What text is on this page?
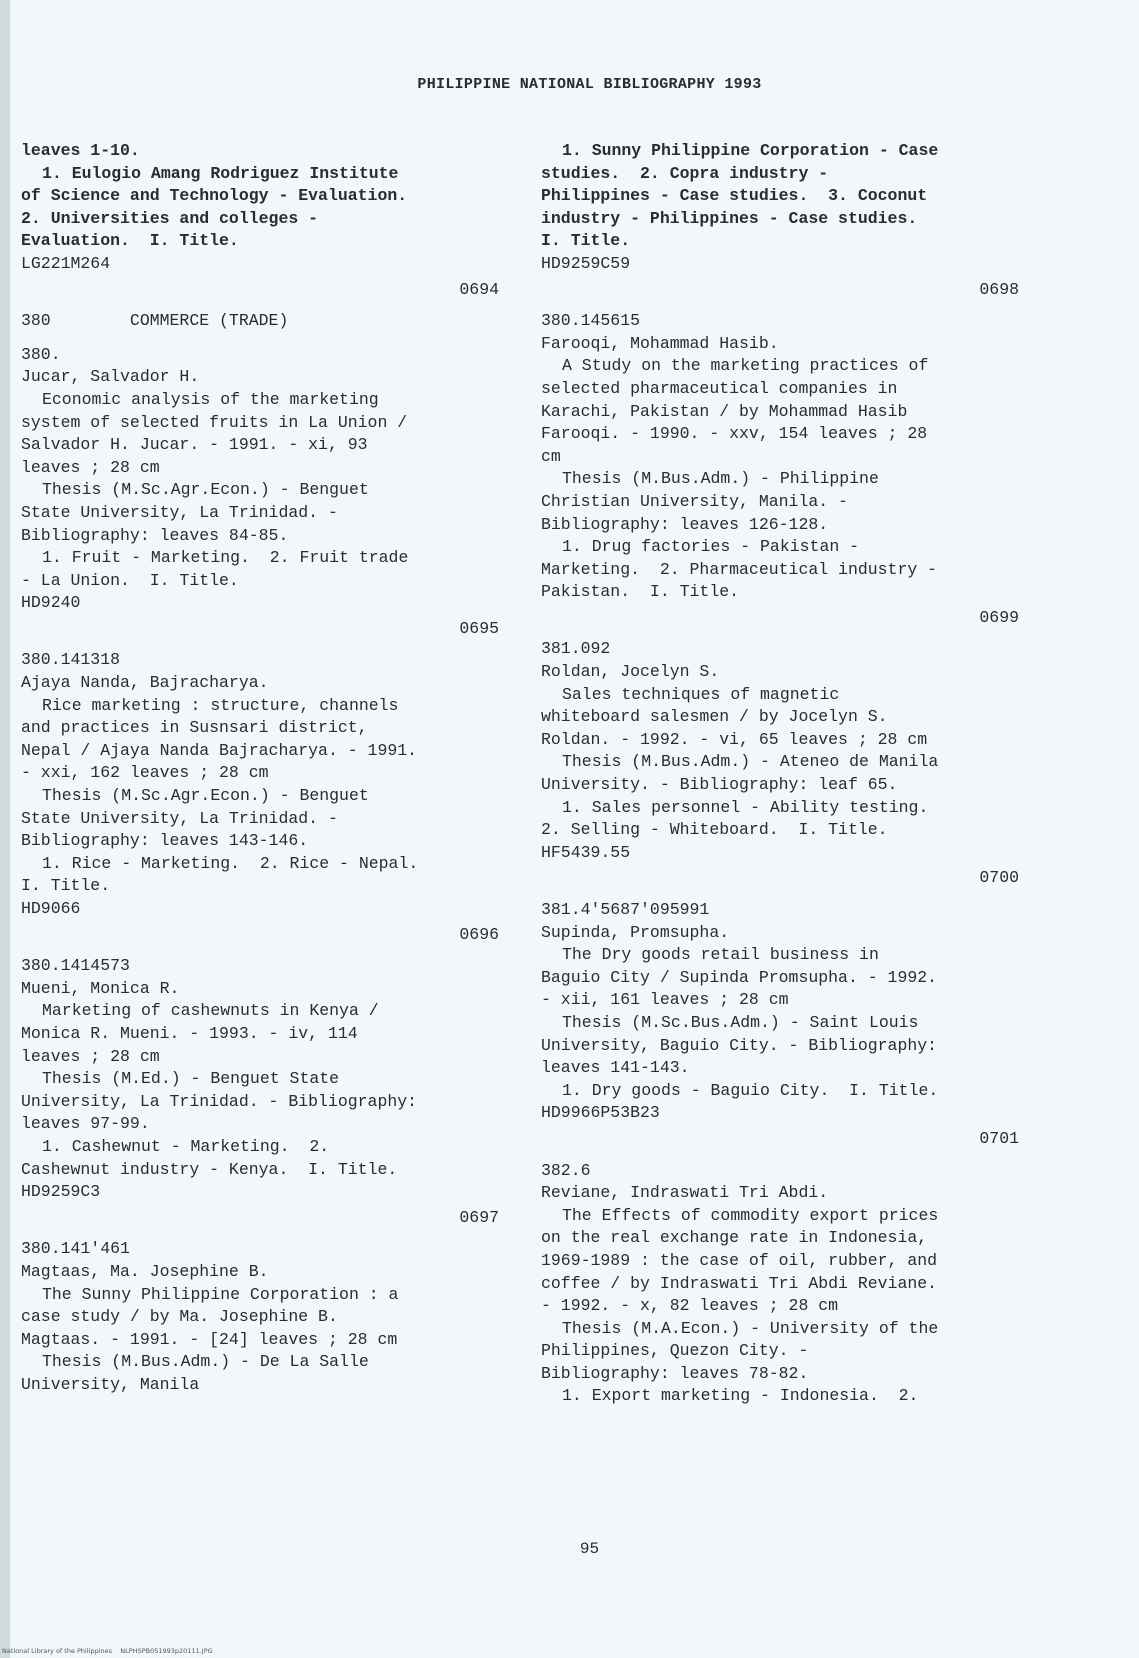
PHILIPPINE NATIONAL BIBLIOGRAPHY 1993
leaves 1-10.
1. Eulogio Amang Rodriguez Institute
of Science and Technology - Evaluation.
2. Universities and colleges -
Evaluation.  I. Title.
LG221M264
0694
380        COMMERCE (TRADE)
380.
Jucar, Salvador H.
Economic analysis of the marketing
system of selected fruits in La Union /
Salvador H. Jucar. - 1991. - xi, 93
leaves ; 28 cm
Thesis (M.Sc.Agr.Econ.) - Benguet
State University, La Trinidad. -
Bibliography: leaves 84-85.
1. Fruit - Marketing.  2. Fruit trade
- La Union.  I. Title.
HD9240
0695
380.141318
Ajaya Nanda, Bajracharya.
Rice marketing : structure, channels
and practices in Susnsari district,
Nepal / Ajaya Nanda Bajracharya. - 1991.
- xxi, 162 leaves ; 28 cm
Thesis (M.Sc.Agr.Econ.) - Benguet
State University, La Trinidad. -
Bibliography: leaves 143-146.
1. Rice - Marketing.  2. Rice - Nepal.
I. Title.
HD9066
0696
380.1414573
Mueni, Monica R.
Marketing of cashewnuts in Kenya /
Monica R. Mueni. - 1993. - iv, 114
leaves ; 28 cm
Thesis (M.Ed.) - Benguet State
University, La Trinidad. - Bibliography:
leaves 97-99.
1. Cashewnut - Marketing.  2.
Cashewnut industry - Kenya.  I. Title.
HD9259C3
0697
380.141'461
Magtaas, Ma. Josephine B.
The Sunny Philippine Corporation : a
case study / by Ma. Josephine B.
Magtaas. - 1991. - [24] leaves ; 28 cm
Thesis (M.Bus.Adm.) - De La Salle
University, Manila
1. Sunny Philippine Corporation - Case
studies.  2. Copra industry -
Philippines - Case studies.  3. Coconut
industry - Philippines - Case studies.
I. Title.
HD9259C59
0698
380.145615
Farooqi, Mohammad Hasib.
A Study on the marketing practices of
selected pharmaceutical companies in
Karachi, Pakistan / by Mohammad Hasib
Farooqi. - 1990. - xxv, 154 leaves ; 28
cm
Thesis (M.Bus.Adm.) - Philippine
Christian University, Manila. -
Bibliography: leaves 126-128.
1. Drug factories - Pakistan -
Marketing.  2. Pharmaceutical industry -
Pakistan.  I. Title.
0699
381.092
Roldan, Jocelyn S.
Sales techniques of magnetic
whiteboard salesmen / by Jocelyn S.
Roldan. - 1992. - vi, 65 leaves ; 28 cm
Thesis (M.Bus.Adm.) - Ateneo de Manila
University. - Bibliography: leaf 65.
1. Sales personnel - Ability testing.
2. Selling - Whiteboard.  I. Title.
HF5439.55
0700
381.4'5687'095991
Supinda, Promsupha.
The Dry goods retail business in
Baguio City / Supinda Promsupha. - 1992.
- xii, 161 leaves ; 28 cm
Thesis (M.Sc.Bus.Adm.) - Saint Louis
University, Baguio City. - Bibliography:
leaves 141-143.
1. Dry goods - Baguio City.  I. Title.
HD9966P53B23
0701
382.6
Reviane, Indraswati Tri Abdi.
The Effects of commodity export prices
on the real exchange rate in Indonesia,
1969-1989 : the case of oil, rubber, and
coffee / by Indraswati Tri Abdi Reviane.
- 1992. - x, 82 leaves ; 28 cm
Thesis (M.A.Econ.) - University of the
Philippines, Quezon City. -
Bibliography: leaves 78-82.
1. Export marketing - Indonesia.  2.
95
National Library of the Philippines    NLPHSPB051993p20111.JPG
